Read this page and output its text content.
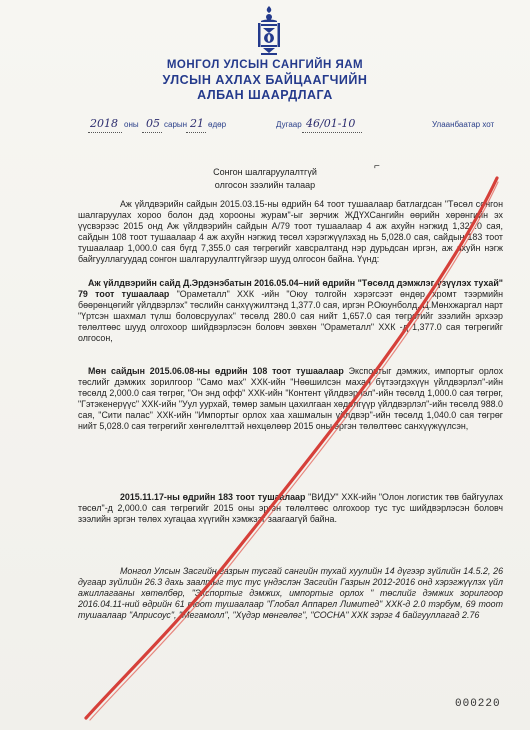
МОНГОЛ УЛСЫН САНГИЙН ЯАМ
УЛСЫН АХЛАХ БАЙЦААГЧИЙН
АЛБАН ШААРДЛАГА
2018 оны 05 сарын 21 өдөр	Дугаар 46/01-10	Улаанбаатар хот
Сонгон шалгаруулалтгүй
олгосон зээлийн талаар
⌐
Аж үйлдвэрийн сайдын 2015.03.15-ны өдрийн 64 тоот тушаалаар батлагдсан "Төсөл сонгон шалгаруулах хороо болон дэд хорооны журам"-ыг зөрчиж ЖДҮХСангийн өөрийн хөрөнгийн эх үүсвэрээс 2015 онд Аж үйлдвэрийн сайдын А/79 тоот тушаалаар 4 аж ахуйн нэгжид 1,327.0 сая, сайдын 108 тоот тушаалаар 4 аж ахуйн нэгжид төсөл хэрэгжүүлэхэд нь 5,028.0 сая, сайдын 183 тоот тушаалаар 1,000.0 сая бүгд 7,355.0 сая төгрөгийг хавсралтанд нэр дурьдсан иргэн, аж ахуйн нэгж байгууллагуудад сонгон шалгаруулалтгүйгээр шууд олгосон байна. Үүнд:
Аж үйлдвэрийн сайд Д.Эрдэнэбатын 2016.05.04–ний өдрийн "Төсөлд дэмжлэг үзүүлэх тухай" 79 тоот тушаалаар "Ораметалл" ХХК -ийн "Оюу толгойн хэрэгсээт өндөр хромт тээрмийн бөөрөнцөгийг үйлдвэрлэх" төслийн санхүүжилтэнд 1,377.0 сая, иргэн Р.Оюунболд, Ц.Мөнхжаргал нарт "Үртсэн шахмал түлш боловсруулах" төсөлд 280.0 сая нийт 1,657.0 сая төгрөгийг зээлийн эрхээр төлөлтөөс шууд олгохоор шийдвэрлэсэн боловч зөвхөн "Ораметалл" ХХК -д 1,377.0 сая төгрөгийг олгосон,
Мөн сайдын 2015.06.08-ны өдрийн 108 тоот тушаалаар Экспортыг дэмжих, импортыг орлох төслийг дэмжих зорилгоор "Само мах" ХХК-ийн "Нөөшилсэн махан бүтээгдэхүүн үйлдвэрлэл"-ийн төсөлд 2,000.0 сая төгрөг, "Он энд офф" ХХК-ийн "Контент үйлдвэрлэл"-ийн төсөлд 1,000.0 сая төгрөг, "Гэтэкенерүүс" ХХК-ийн "Уул уурхай, төмөр замын цахилгаан хөдөлгүүр үйлдвэрлэл"-ийн төсөлд 988.0 сая, "Сити палас" ХХК-ийн "Импортыг орлох хаа хашмалын үйлдвэр"-ийн төсөлд 1,040.0 сая төгрөг нийт 5,028.0 сая төгрөгийг хөнгөлөлттэй нөхцөлөөр 2015 оны эргэн төлөлтөөс санхүүжүүлсэн,
2015.11.17-ны өдрийн 183 тоот тушаалаар "ВИДУ" ХХК-ийн "Олон логистик төв байгуулах төсөл"-д 2,000.0 сая төгрөгийг 2015 оны эргэн төлөлтөөс олгохоор тус тус шийдвэрлэсэн боловч зээлийн эргэн төлөх хугацаа хүүгийн хэмжээг заагаагүй байна.
Монгол Улсын Засгийн газрын тусгай сангийн тухай хуулийн 14 дүгээр зүйлийн 14.5.2, 26 дугаар зүйлийн 26.3 дахь заалтыг тус тус үндэслэн Засгийн Газрын 2012-2016 онд хэрэгжүүлэх үйл ажиллагааны хөтөлбөр, "Экспортыг дэмжих, импортыг орлох " төслийг дэмжих зорилгоор 2016.04.11-ний өдрийн 61 тоот тушаалаар "Глобал Аппарел Лимитед" ХХК-д 2.0 тэрбум, 69 тоот тушаалаар "Априсоус", "Мегамолл", "Хүдэр мөнгөлөг", "СОСНА" ХХК зэрэг 4 байгууллагад 2.76
000220
